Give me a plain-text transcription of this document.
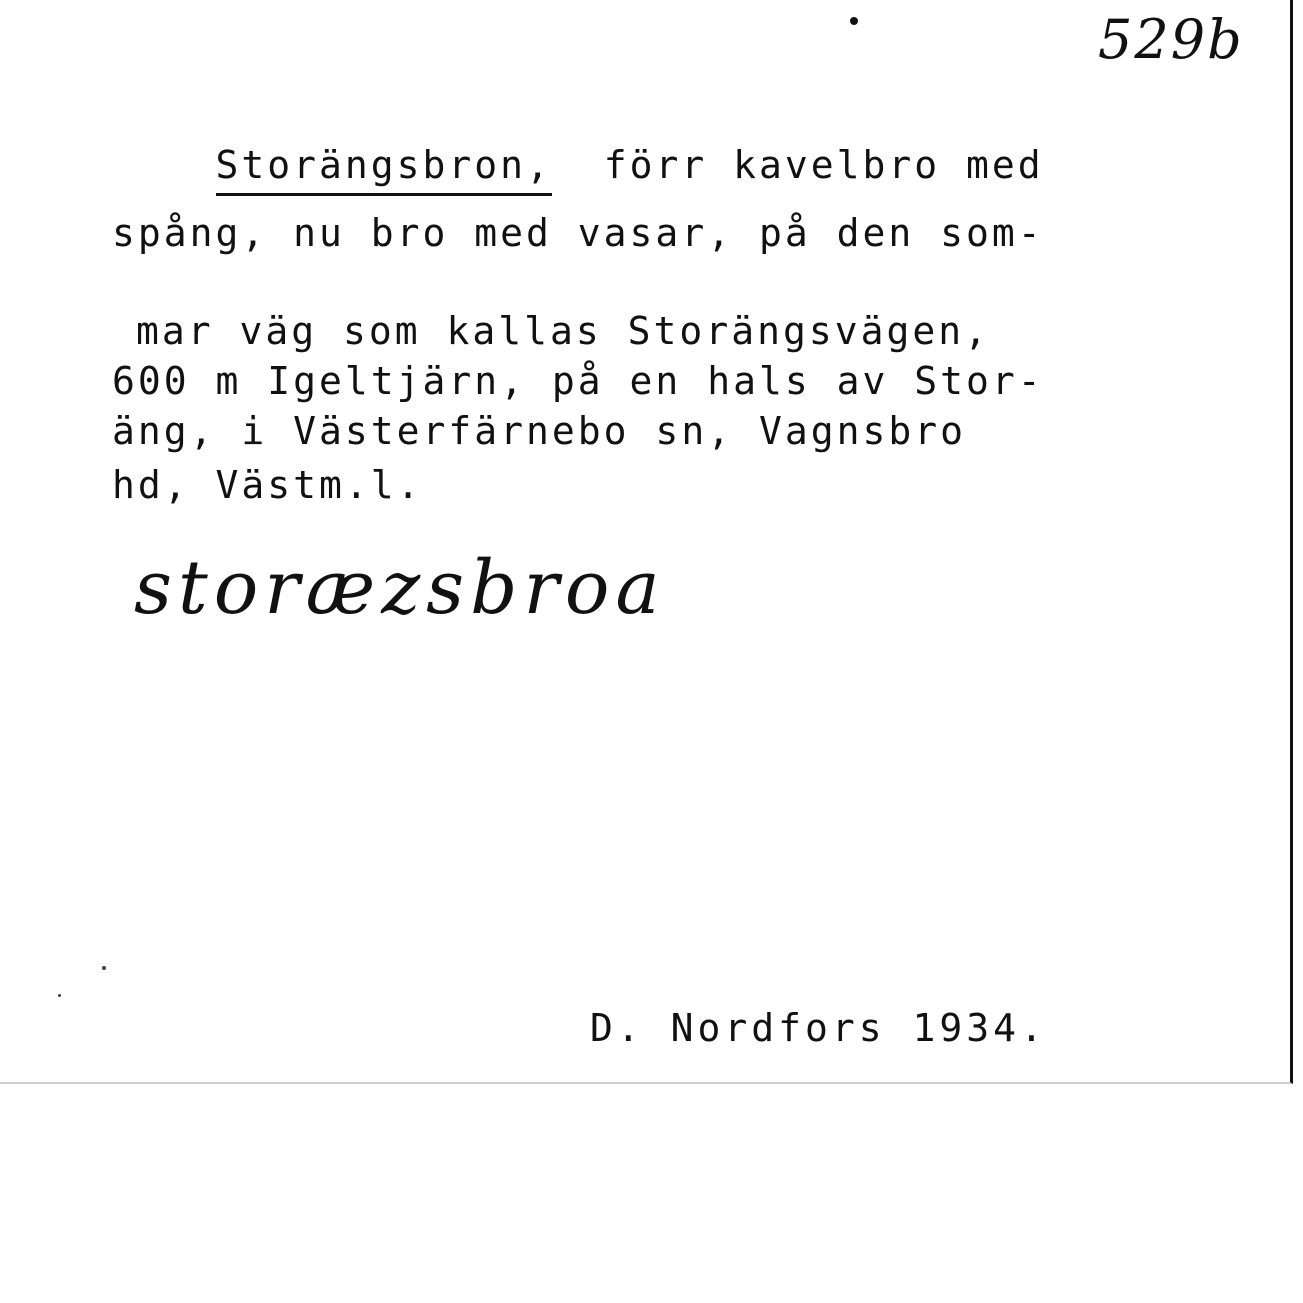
529b

Storängsbron, förr kavelbro med

spång, nu bro med vasar, på den som-
mar väg som kallas Storängsvägen,
600 m Igeltjärn, på en hals av Stor-
äng, i Västerfärnebo sn, Vagnsbro
hd, Västm.l.
storæzsbroa
D. Nordfors 1934.
